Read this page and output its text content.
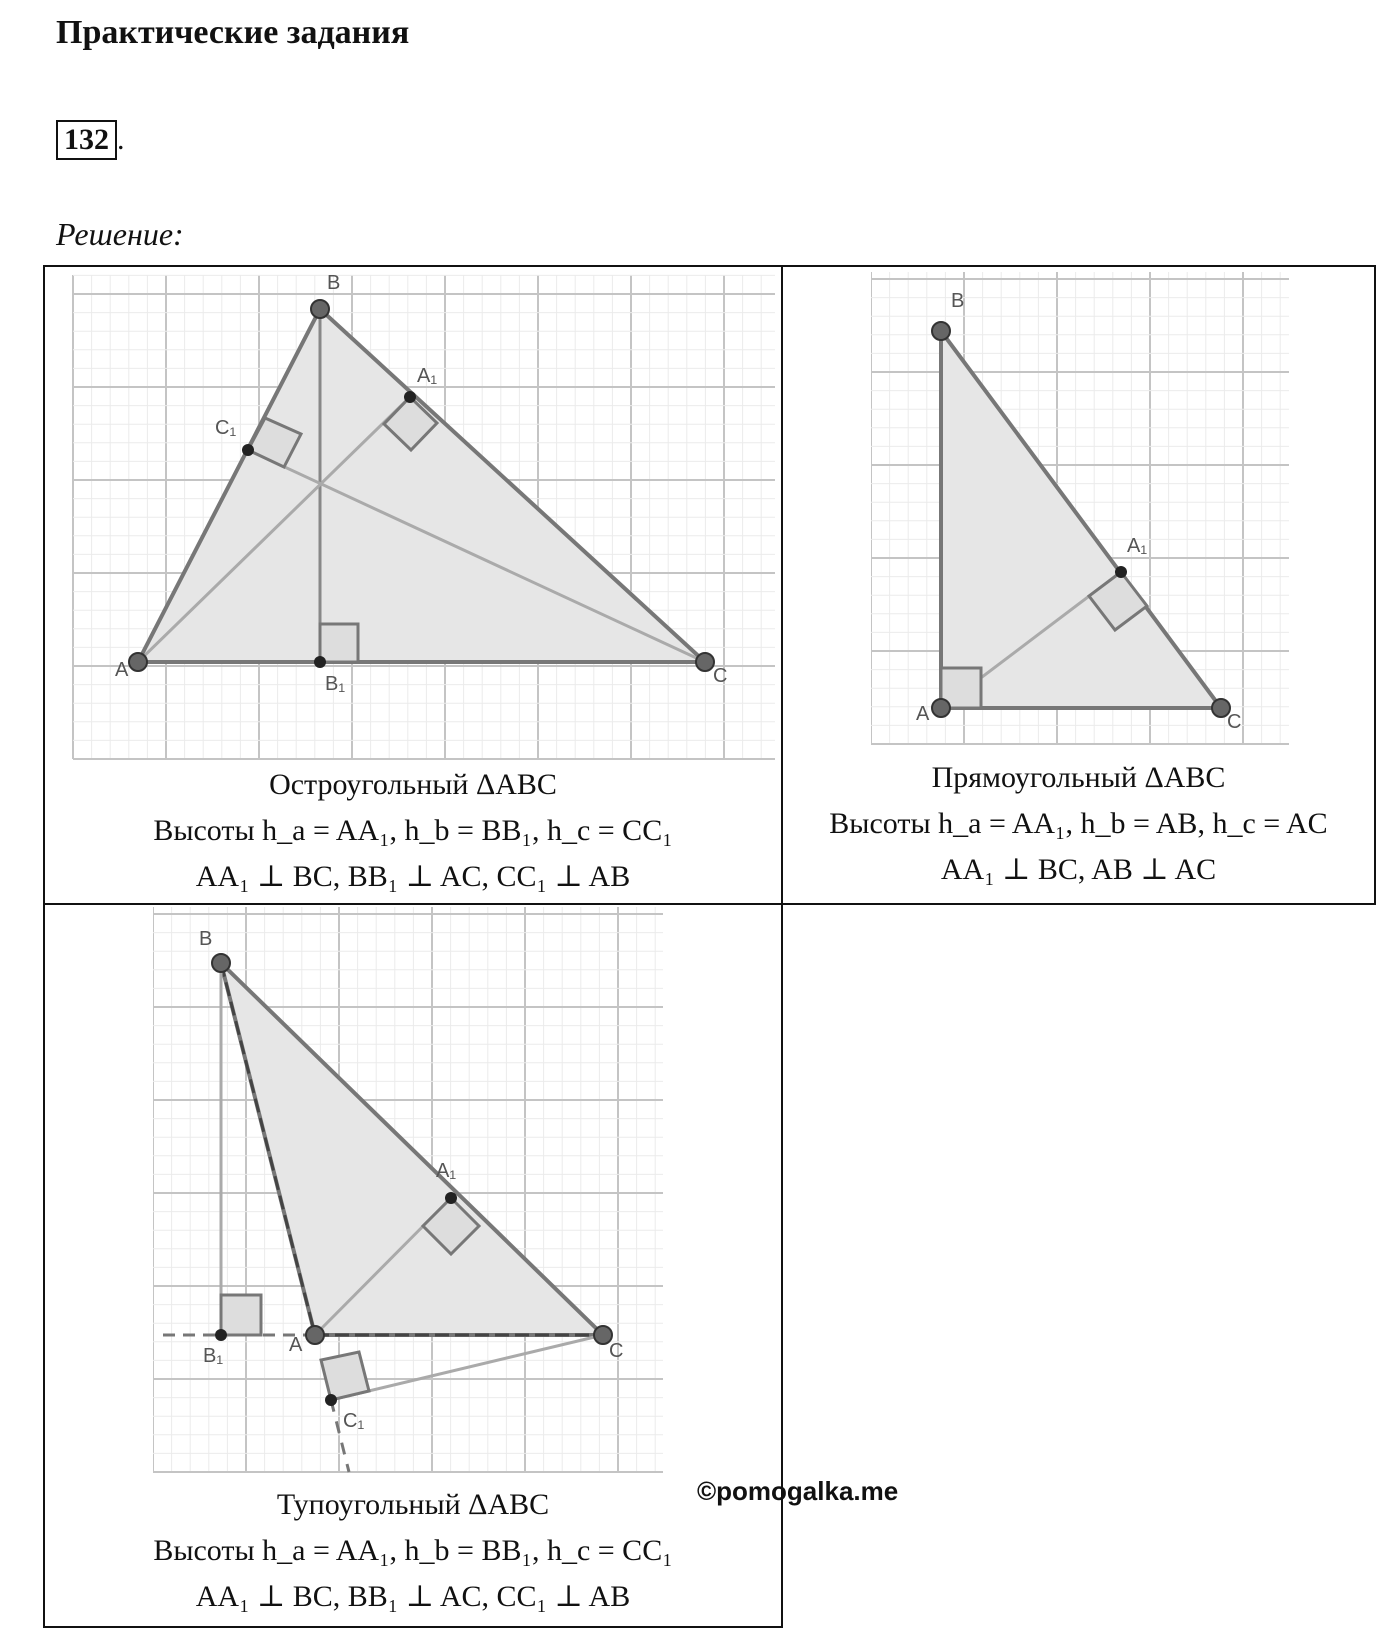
Практические задания
132 .
Решение:
A
B
C
A₁
B₁
C₁
Остроугольный ΔABC
Высоты h_a = AA₁, h_b = BB₁, h_c = CC₁
AA₁ ⊥ BC, BB₁ ⊥ AC, CC₁ ⊥ AB
A
B
C
A₁
Прямоугольный ΔABC
Высоты h_a = AA₁, h_b = AB, h_c = AC
AA₁ ⊥ BC, AB ⊥ AC
A
B
C
A₁
B₁
C₁
Тупоугольный ΔABC
Высоты h_a = AA₁, h_b = BB₁, h_c = CC₁
AA₁ ⊥ BC, BB₁ ⊥ AC, CC₁ ⊥ AB
©pomogalka.me
